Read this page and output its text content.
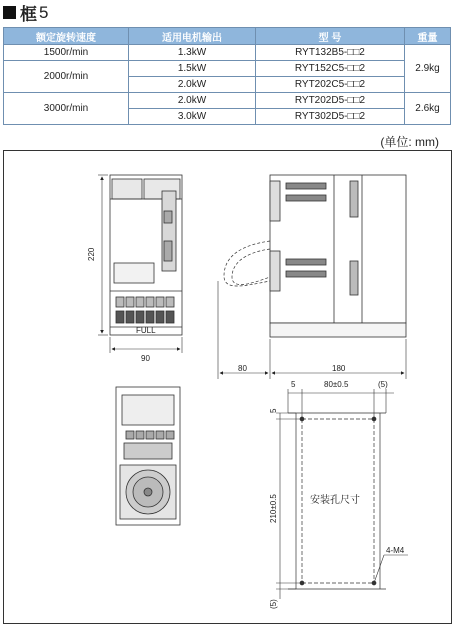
框 5
额定旋转速度	适用电机输出	型 号	重量
1500r/min	1.3kW	RYT132B5-□□2	2.9kg
2000r/min	1.5kW	RYT152C5-□□2	
	2.0kW	RYT202C5-□□2	
3000r/min	2.0kW	RYT202D5-□□2	2.6kg
	3.0kW	RYT302D5-□□2	
(单位: mm)
FULL
220
90
80	180
5	80±0.5	(5)
5
210±0.5
(5)
安装孔尺寸
4-M4
